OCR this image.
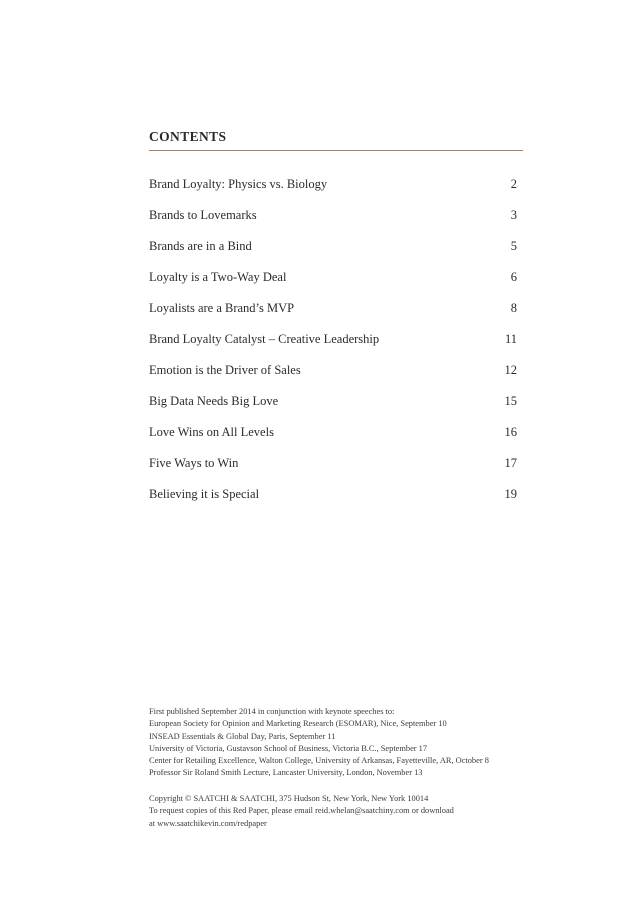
CONTENTS
Brand Loyalty: Physics vs. Biology	2
Brands to Lovemarks	3
Brands are in a Bind	5
Loyalty is a Two-Way Deal	6
Loyalists are a Brand’s MVP	8
Brand Loyalty Catalyst – Creative Leadership	11
Emotion is the Driver of Sales	12
Big Data Needs Big Love	15
Love Wins on All Levels	16
Five Ways to Win	17
Believing it is Special	19
First published September 2014 in conjunction with keynote speeches to:
European Society for Opinion and Marketing Research (ESOMAR), Nice, September 10
INSEAD Essentials & Global Day, Paris, September 11
University of Victoria, Gustavson School of Business, Victoria B.C., September 17
Center for Retailing Excellence, Walton College, University of Arkansas, Fayetteville, AR, October 8
Professor Sir Roland Smith Lecture, Lancaster University, London, November 13
Copyright © SAATCHI & SAATCHI, 375 Hudson St, New York, New York 10014
To request copies of this Red Paper, please email reid.whelan@saatchiny.com or download
at www.saatchikevin.com/redpaper
